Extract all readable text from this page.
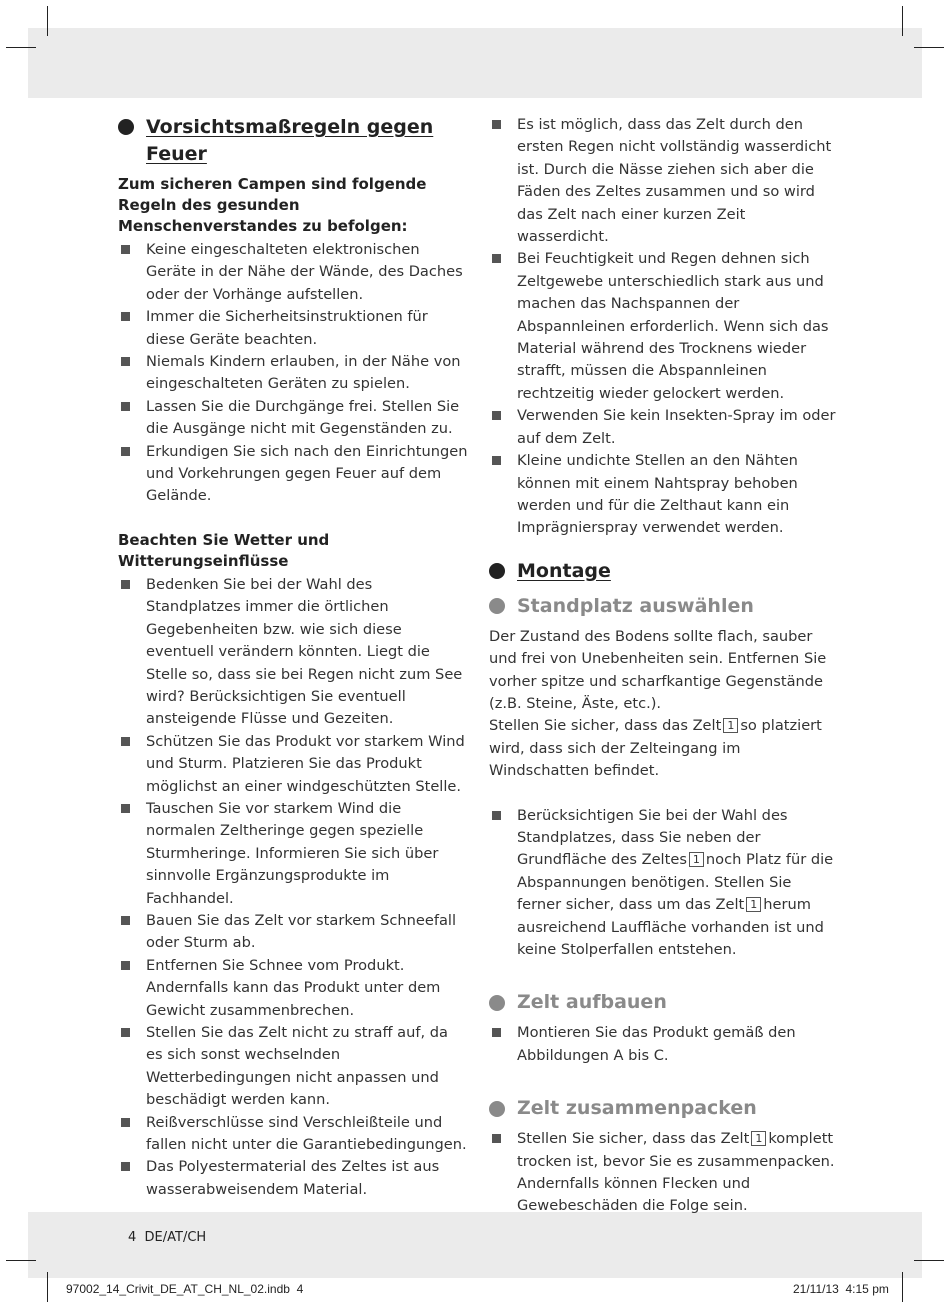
Vorsichtsmaßregeln gegen Feuer
Zum sicheren Campen sind folgende Regeln des gesunden Menschenverstandes zu befolgen:
Keine eingeschalteten elektronischen Geräte in der Nähe der Wände, des Daches oder der Vorhänge aufstellen.
Immer die Sicherheitsinstruktionen für diese Geräte beachten.
Niemals Kindern erlauben, in der Nähe von eingeschalteten Geräten zu spielen.
Lassen Sie die Durchgänge frei. Stellen Sie die Ausgänge nicht mit Gegenständen zu.
Erkundigen Sie sich nach den Einrichtungen und Vorkehrungen gegen Feuer auf dem Gelände.
Beachten Sie Wetter und Witterungseinflüsse
Bedenken Sie bei der Wahl des Standplatzes immer die örtlichen Gegebenheiten bzw. wie sich diese eventuell verändern könnten. Liegt die Stelle so, dass sie bei Regen nicht zum See wird? Berücksichtigen Sie eventuell ansteigende Flüsse und Gezeiten.
Schützen Sie das Produkt vor starkem Wind und Sturm. Platzieren Sie das Produkt möglichst an einer windgeschützten Stelle.
Tauschen Sie vor starkem Wind die normalen Zeltheringe gegen spezielle Sturmheringe. Informieren Sie sich über sinnvolle Ergänzungsprodukte im Fachhandel.
Bauen Sie das Zelt vor starkem Schneefall oder Sturm ab.
Entfernen Sie Schnee vom Produkt. Andernfalls kann das Produkt unter dem Gewicht zusammenbrechen.
Stellen Sie das Zelt nicht zu straff auf, da es sich sonst wechselnden Wetterbedingungen nicht anpassen und beschädigt werden kann.
Reißverschlüsse sind Verschleißteile und fallen nicht unter die Garantiebedingungen.
Das Polyestermaterial des Zeltes ist aus wasserabweisendem Material.
Es ist möglich, dass das Zelt durch den ersten Regen nicht vollständig wasserdicht ist. Durch die Nässe ziehen sich aber die Fäden des Zeltes zusammen und so wird das Zelt nach einer kurzen Zeit wasserdicht.
Bei Feuchtigkeit und Regen dehnen sich Zeltgewebe unterschiedlich stark aus und machen das Nachspannen der Abspannleinen erforderlich. Wenn sich das Material während des Trocknens wieder strafft, müssen die Abspannleinen rechtzeitig wieder gelockert werden.
Verwenden Sie kein Insekten-Spray im oder auf dem Zelt.
Kleine undichte Stellen an den Nähten können mit einem Nahtspray behoben werden und für die Zelthaut kann ein Imprägnierspray verwendet werden.
Montage
Standplatz auswählen

Der Zustand des Bodens sollte flach, sauber und frei von Unebenheiten sein. Entfernen Sie vorher spitze und scharfkantige Gegenstände (z.B. Steine, Äste, etc.).

Stellen Sie sicher, dass das Zelt 1 so platziert wird, dass sich der Zelteingang im Windschatten befindet.

Berücksichtigen Sie bei der Wahl des Standplatzes, dass Sie neben der Grundfläche des Zeltes 1 noch Platz für die Abspannungen benötigen. Stellen Sie ferner sicher, dass um das Zelt 1 herum ausreichend Lauffläche vorhanden ist und keine Stolperfallen entstehen.
Zelt aufbauen
Montieren Sie das Produkt gemäß den Abbildungen A bis C.
Zelt zusammenpacken
Stellen Sie sicher, dass das Zelt 1 komplett trocken ist, bevor Sie es zusammenpacken. Andernfalls können Flecken und Gewebeschäden die Folge sein.
4 DE/AT/CH
97002_14_Crivit_DE_AT_CH_NL_02.indb 4	21/11/13 4:15 pm
